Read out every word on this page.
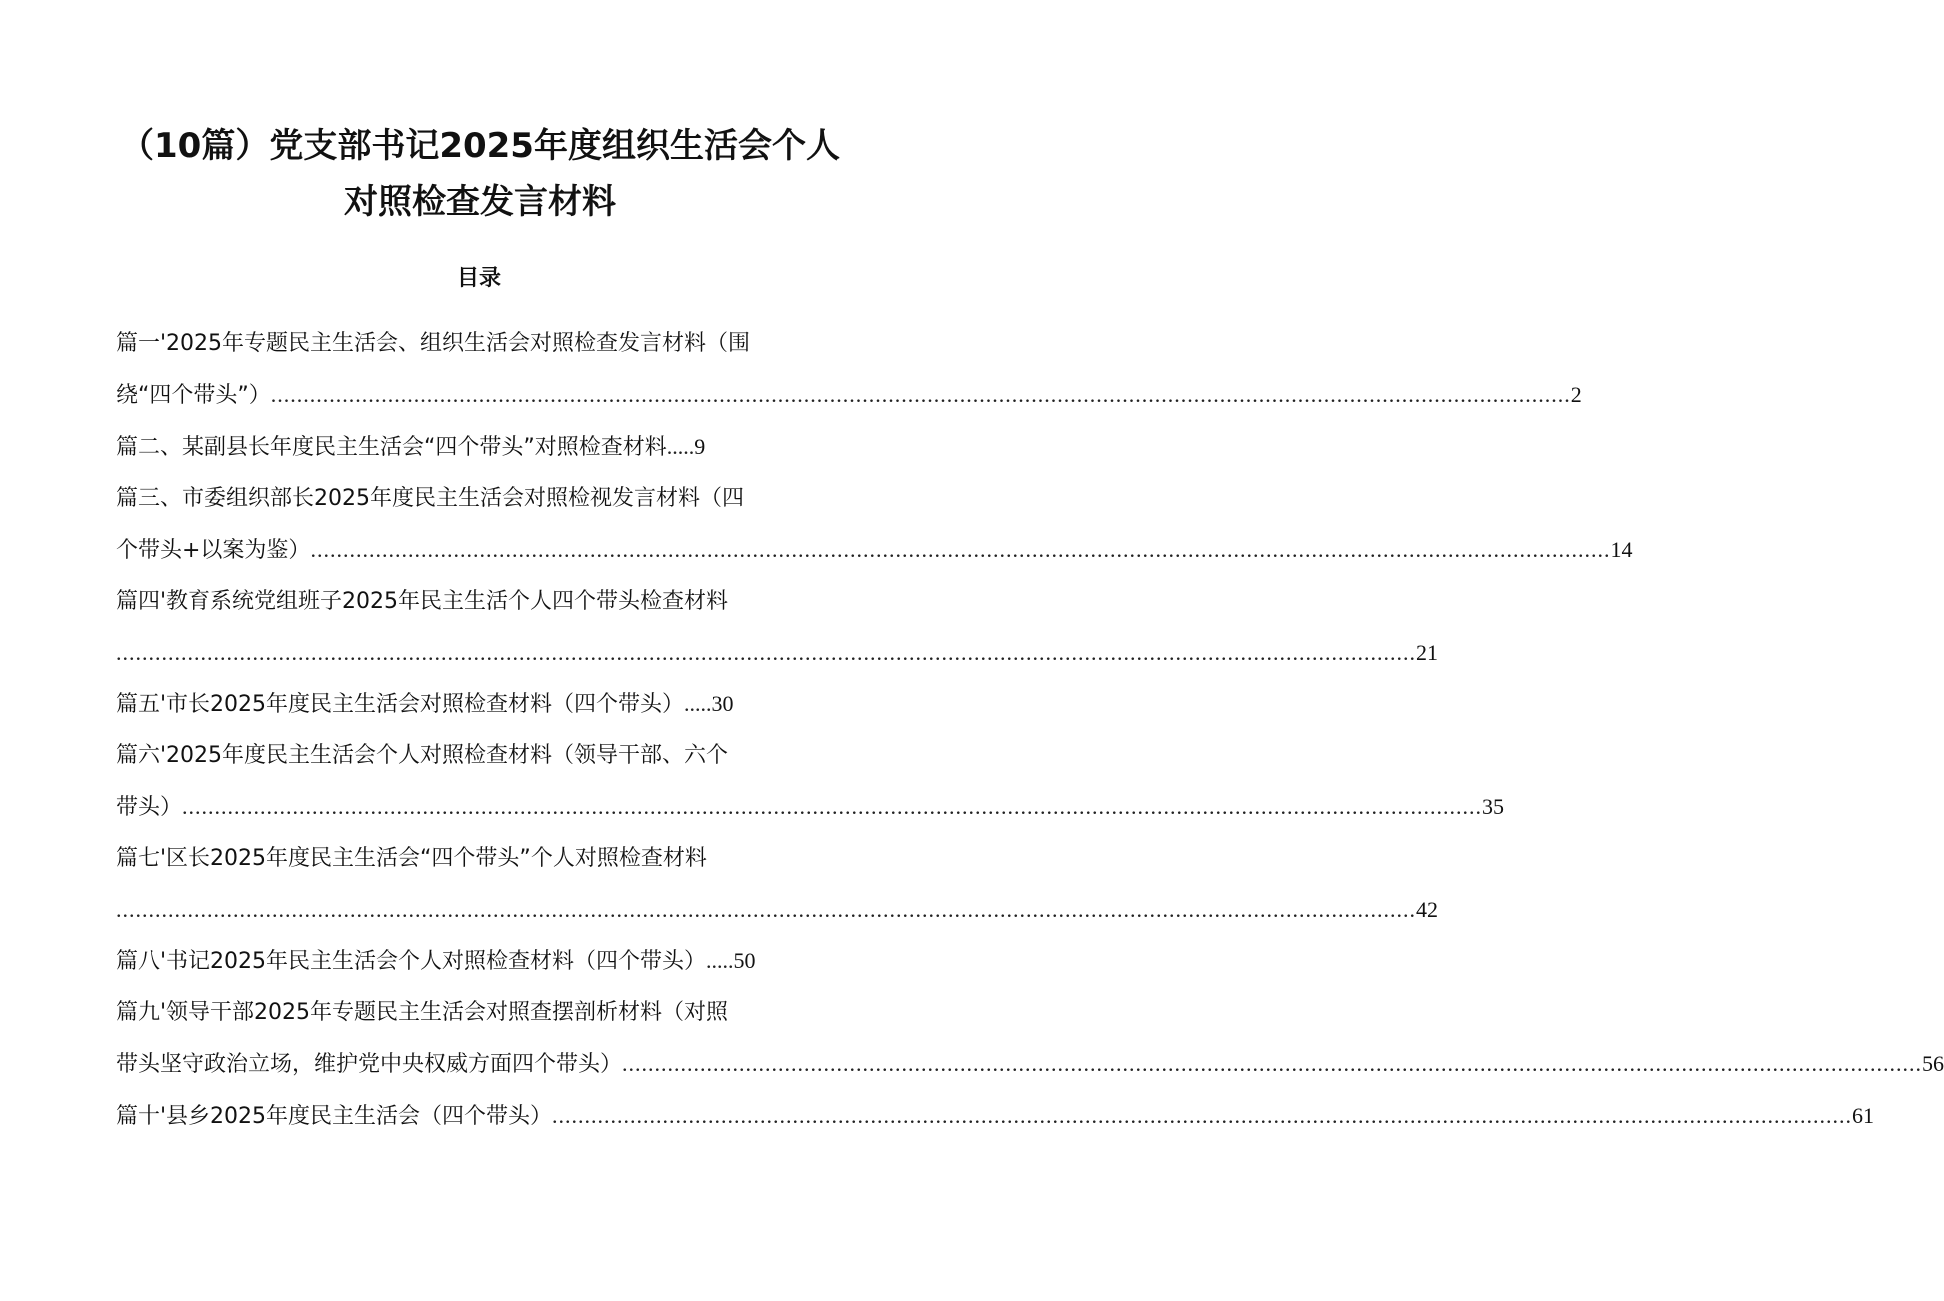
（10篇）党支部书记2025年度组织生活会个人
对照检查发言材料
目录
篇一'2025年专题民主生活会、组织生活会对照检查发言材料（围
绕“四个带头”） ........................................................................................................................................................................................................ 2
篇二、某副县长年度民主生活会“四个带头”对照检查材料 ..... 9
篇三、市委组织部长2025年度民主生活会对照检视发言材料（四
个带头+以案为鉴） ........................................................................................................................................................................................................ 14
篇四'教育系统党组班子2025年民主生活个人四个带头检查材料
........................................................................................................................................................................................................ 21
篇五'市长2025年度民主生活会对照检查材料（四个带头） ..... 30
篇六'2025年度民主生活会个人对照检查材料（领导干部、六个
带头） ........................................................................................................................................................................................................ 35
篇七'区长2025年度民主生活会“四个带头”个人对照检查材料
........................................................................................................................................................................................................ 42
篇八'书记2025年民主生活会个人对照检查材料（四个带头） ..... 50
篇九'领导干部2025年专题民主生活会对照查摆剖析材料（对照
带头坚守政治立场，维护党中央权威方面四个带头） ........................................................................................................................................................................................................ 56
篇十'县乡2025年度民主生活会（四个带头） ........................................................................................................................................................................................................ 61
